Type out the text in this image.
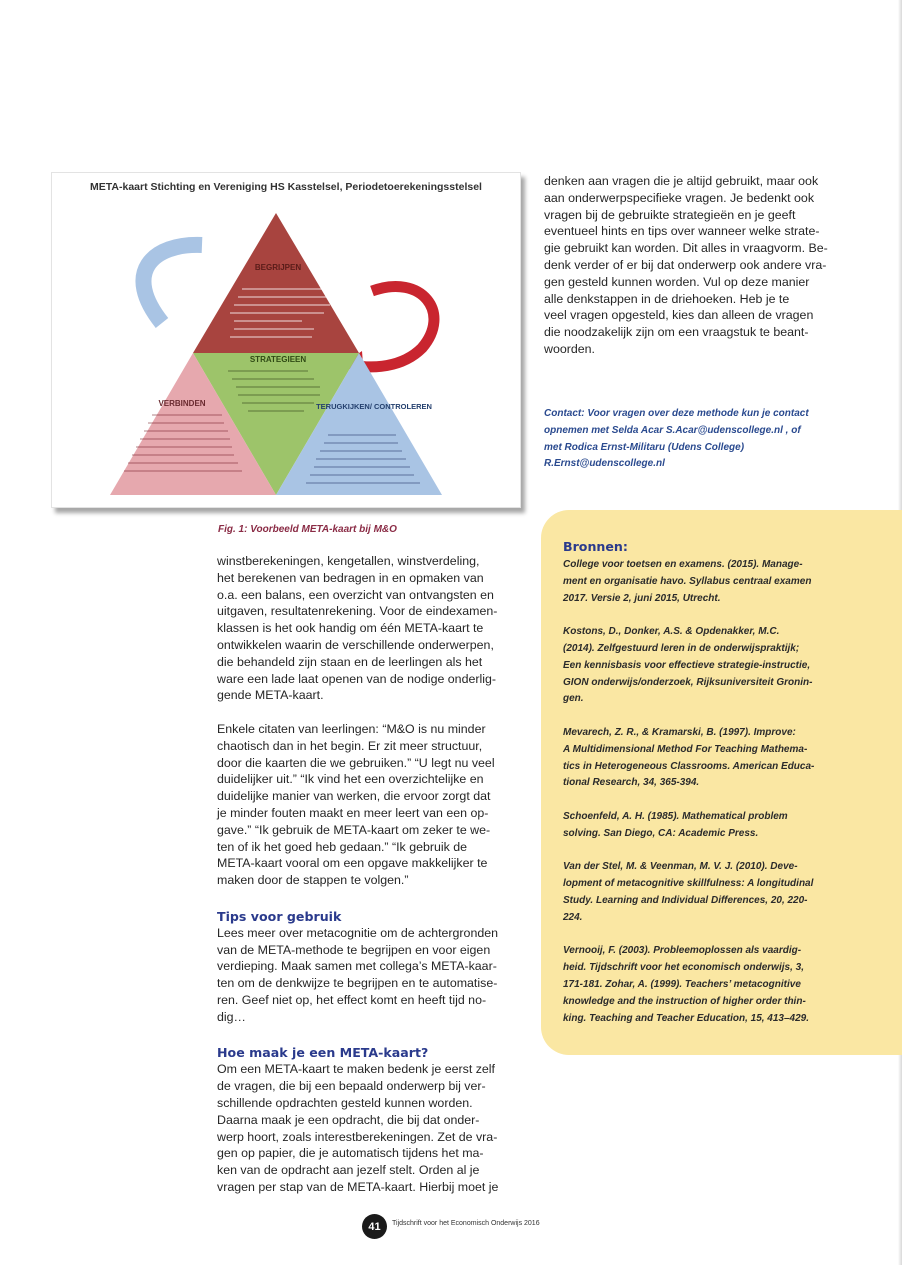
META-kaart Stichting en Vereniging HS Kasstelsel, Periodetoerekeningsstelsel
BEGRIJPEN
STRATEGIEEN
VERBINDEN	TERUGKIJKEN/ CONTROLEREN
Fig. 1: Voorbeeld META-kaart bij M&O

winstberekeningen, kengetallen, winstverdeling,
het berekenen van bedragen in en opmaken van
o.a. een balans, een overzicht van ontvangsten en
uitgaven, resultatenrekening. Voor de eindexamen-
klassen is het ook handig om één META-kaart te
ontwikkelen waarin de verschillende onderwerpen,
die behandeld zijn staan en de leerlingen als het
ware een lade laat openen van de nodige onderlig-
gende META-kaart.

Enkele citaten van leerlingen: “M&O is nu minder
chaotisch dan in het begin. Er zit meer structuur,
door die kaarten die we gebruiken.” “U legt nu veel
duidelijker uit.” “Ik vind het een overzichtelijke en
duidelijke manier van werken, die ervoor zorgt dat
je minder fouten maakt en meer leert van een op-
gave.” “Ik gebruik de META-kaart om zeker te we-
ten of ik het goed heb gedaan.” “Ik gebruik de
META-kaart vooral om een opgave makkelijker te
maken door de stappen te volgen.”

Tips voor gebruik

Lees meer over metacognitie om de achtergronden
van de META-methode te begrijpen en voor eigen
verdieping. Maak samen met collega’s META-kaar-
ten om de denkwijze te begrijpen en te automatise-
ren. Geef niet op, het effect komt en heeft tijd no-
dig…

Hoe maak je een META-kaart?

Om een META-kaart te maken bedenk je eerst zelf
de vragen, die bij een bepaald onderwerp bij ver-
schillende opdrachten gesteld kunnen worden.
Daarna maak je een opdracht, die bij dat onder-
werp hoort, zoals interestberekeningen. Zet de vra-
gen op papier, die je automatisch tijdens het ma-
ken van de opdracht aan jezelf stelt. Orden al je
vragen per stap van de META-kaart. Hierbij moet je

denken aan vragen die je altijd gebruikt, maar ook
aan onderwerpspecifieke vragen. Je bedenkt ook
vragen bij de gebruikte strategieën en je geeft
eventueel hints en tips over wanneer welke strate-
gie gebruikt kan worden. Dit alles in vraagvorm. Be-
denk verder of er bij dat onderwerp ook andere vra-
gen gesteld kunnen worden. Vul op deze manier
alle denkstappen in de driehoeken. Heb je te
veel vragen opgesteld, kies dan alleen de vragen
die noodzakelijk zijn om een vraagstuk te beant-
woorden.

Contact: Voor vragen over deze methode kun je contact
opnemen met Selda Acar S.Acar@udenscollege.nl , of
met Rodica Ernst-Militaru (Udens College)
R.Ernst@udenscollege.nl
Bronnen:

College voor toetsen en examens. (2015). Manage-
ment en organisatie havo. Syllabus centraal examen
2017. Versie 2, juni 2015, Utrecht.

Kostons, D., Donker, A.S. & Opdenakker, M.C.
(2014). Zelfgestuurd leren in de onderwijspraktijk;
Een kennisbasis voor effectieve strategie-instructie,
GION onderwijs/onderzoek, Rijksuniversiteit Gronin-
gen.

Mevarech, Z. R., & Kramarski, B. (1997). Improve:
A Multidimensional Method For Teaching Mathema-
tics in Heterogeneous Classrooms. American Educa-
tional Research, 34, 365-394.

Schoenfeld, A. H. (1985). Mathematical problem
solving. San Diego, CA: Academic Press.

Van der Stel, M. & Veenman, M. V. J. (2010). Deve-
lopment of metacognitive skillfulness: A longitudinal
Study. Learning and Individual Differences, 20, 220-
224.

Vernooij, F. (2003). Probleemoplossen als vaardig-
heid. Tijdschrift voor het economisch onderwijs, 3,
171-181. Zohar, A. (1999). Teachers’ metacognitive
knowledge and the instruction of higher order thin-
king. Teaching and Teacher Education, 15, 413–429.

41	Tijdschrift voor het Economisch Onderwijs 2016
